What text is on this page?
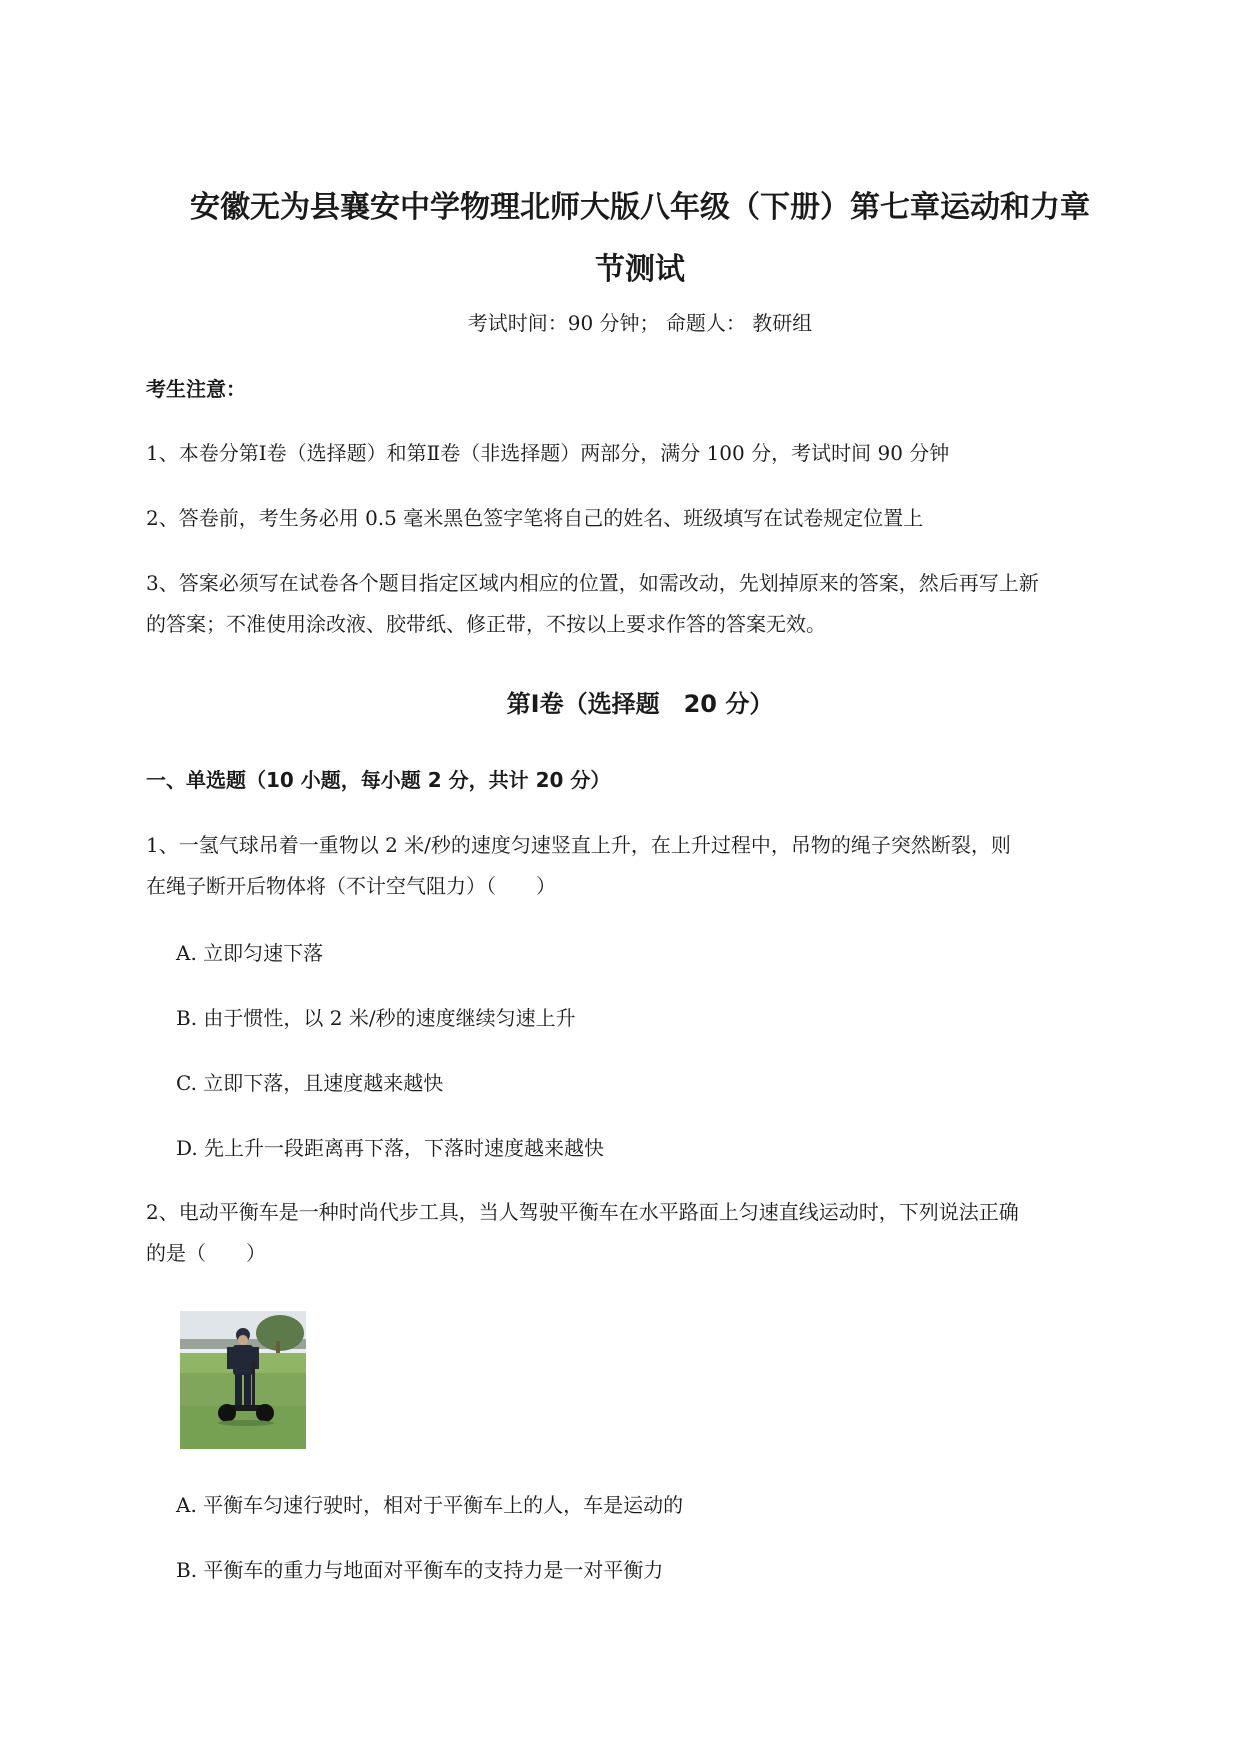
安徽无为县襄安中学物理北师大版八年级（下册）第七章运动和力章
节测试
考试时间：90 分钟； 命题人： 教研组
考生注意：
1、本卷分第Ⅰ卷（选择题）和第Ⅱ卷（非选择题）两部分，满分 100 分，考试时间 90 分钟
2、答卷前，考生务必用 0.5 毫米黑色签字笔将自己的姓名、班级填写在试卷规定位置上
3、答案必须写在试卷各个题目指定区域内相应的位置，如需改动，先划掉原来的答案，然后再写上新
的答案；不准使用涂改液、胶带纸、修正带，不按以上要求作答的答案无效。
第Ⅰ卷（选择题　20 分）
一、单选题（10 小题，每小题 2 分，共计 20 分）
1、一氢气球吊着一重物以 2 米/秒的速度匀速竖直上升，在上升过程中，吊物的绳子突然断裂，则
在绳子断开后物体将（不计空气阻力）（　　）
A. 立即匀速下落
B. 由于惯性，以 2 米/秒的速度继续匀速上升
C. 立即下落，且速度越来越快
D. 先上升一段距离再下落，下落时速度越来越快
2、电动平衡车是一种时尚代步工具，当人驾驶平衡车在水平路面上匀速直线运动时，下列说法正确
的是（　　）
A. 平衡车匀速行驶时，相对于平衡车上的人，车是运动的
B. 平衡车的重力与地面对平衡车的支持力是一对平衡力
